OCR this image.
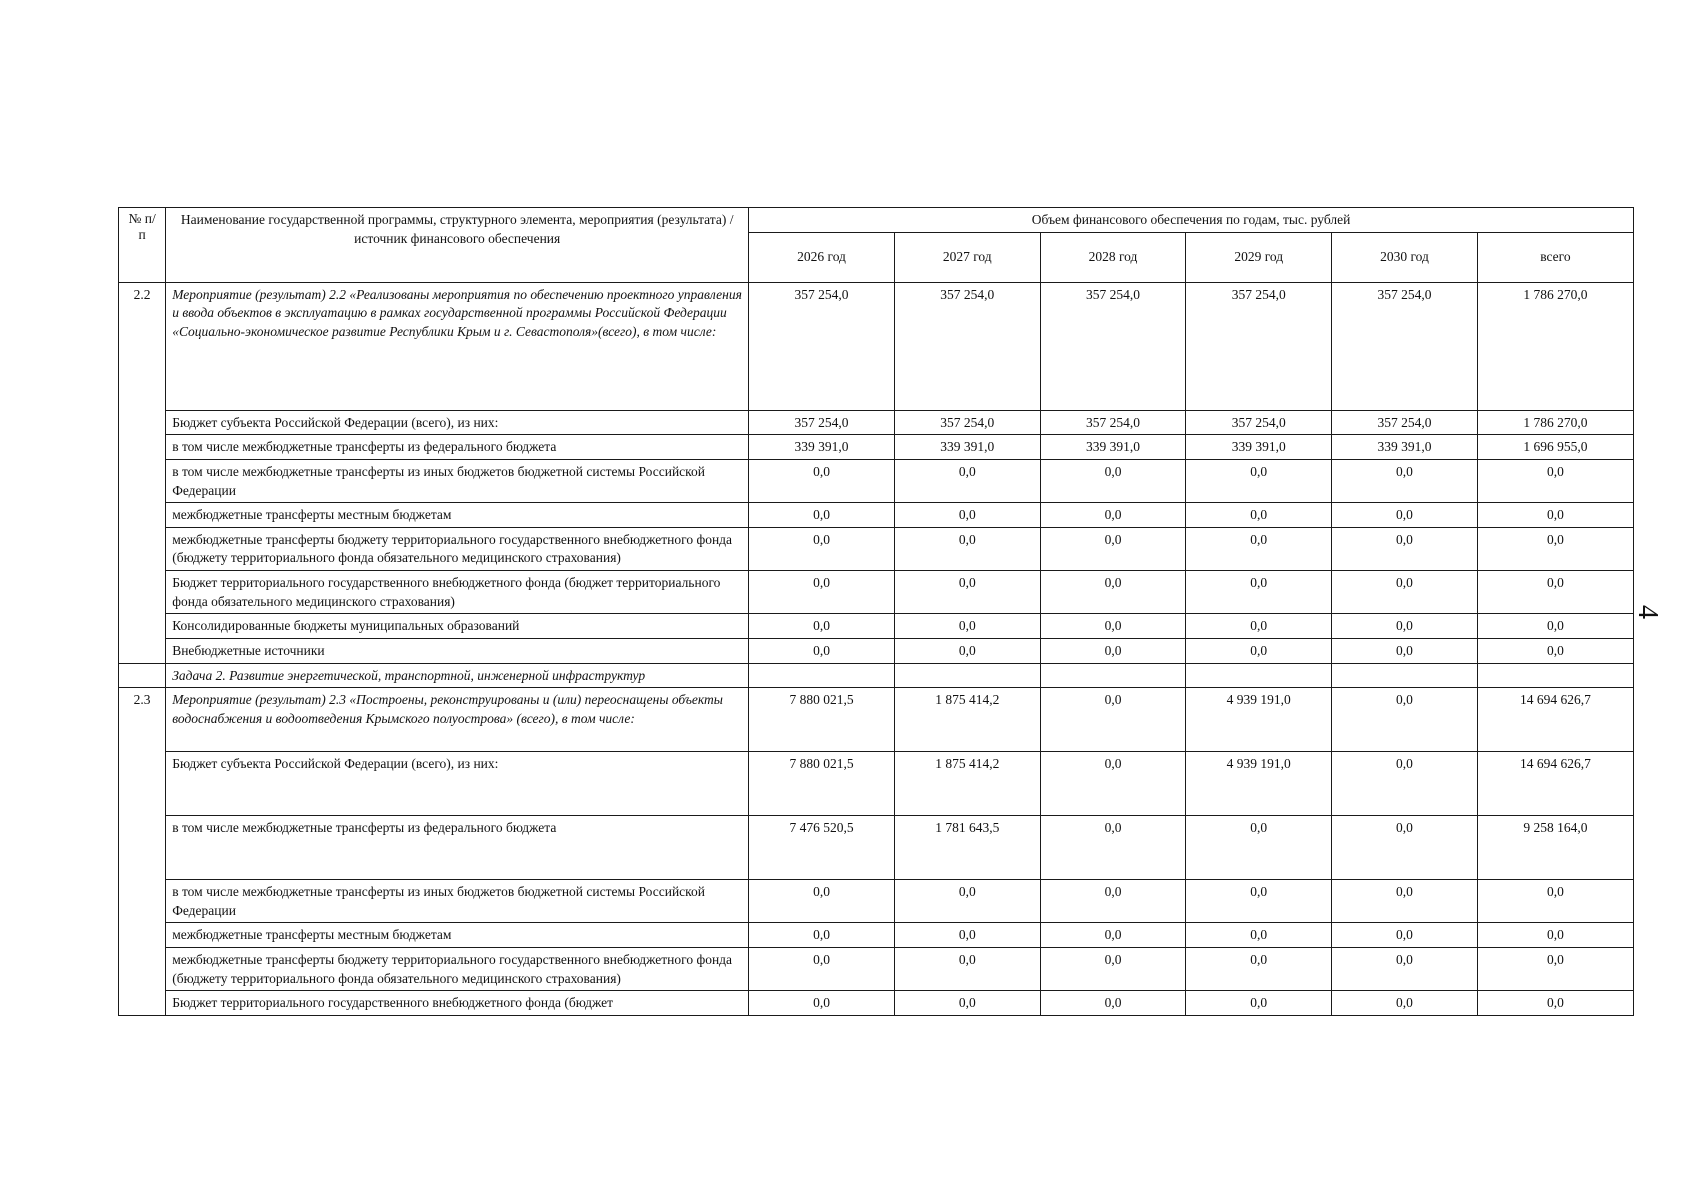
4
№ п/п	Наименование государственной программы, структурного элемента, мероприятия (результата) / источник финансового обеспечения	Объем финансового обеспечения по годам, тыс. рублей					
		2026 год	2027 год	2028 год	2029 год	2030 год	всего
2.2	Мероприятие (результат) 2.2 «Реализованы мероприятия по обеспечению проектного управления и ввода объектов в эксплуатацию в рамках государственной программы Российской Федерации «Социально-экономическое развитие Республики Крым и г. Севастополя»(всего), в том числе:	357 254,0	357 254,0	357 254,0	357 254,0	357 254,0	1 786 270,0
	Бюджет субъекта Российской Федерации (всего), из них:	357 254,0	357 254,0	357 254,0	357 254,0	357 254,0	1 786 270,0
	в том числе межбюджетные трансферты из федерального бюджета	339 391,0	339 391,0	339 391,0	339 391,0	339 391,0	1 696 955,0
	в том числе межбюджетные трансферты из иных бюджетов бюджетной системы Российской Федерации	0,0	0,0	0,0	0,0	0,0	0,0
	межбюджетные трансферты местным бюджетам	0,0	0,0	0,0	0,0	0,0	0,0
	межбюджетные трансферты бюджету территориального государственного внебюджетного фонда (бюджету территориального фонда обязательного медицинского страхования)	0,0	0,0	0,0	0,0	0,0	0,0
	Бюджет территориального государственного внебюджетного фонда (бюджет территориального фонда обязательного медицинского страхования)	0,0	0,0	0,0	0,0	0,0	0,0
	Консолидированные бюджеты муниципальных образований	0,0	0,0	0,0	0,0	0,0	0,0
	Внебюджетные источники	0,0	0,0	0,0	0,0	0,0	0,0
	Задача 2. Развитие энергетической, транспортной, инженерной инфраструктур						
2.3	Мероприятие (результат) 2.3 «Построены, реконструированы и (или) переоснащены объекты водоснабжения и водоотведения Крымского полуострова» (всего), в том числе:	7 880 021,5	1 875 414,2	0,0	4 939 191,0	0,0	14 694 626,7
	Бюджет субъекта Российской Федерации (всего), из них:	7 880 021,5	1 875 414,2	0,0	4 939 191,0	0,0	14 694 626,7
	в том числе межбюджетные трансферты из федерального бюджета	7 476 520,5	1 781 643,5	0,0	0,0	0,0	9 258 164,0
	в том числе межбюджетные трансферты из иных бюджетов бюджетной системы Российской Федерации	0,0	0,0	0,0	0,0	0,0	0,0
	межбюджетные трансферты местным бюджетам	0,0	0,0	0,0	0,0	0,0	0,0
	межбюджетные трансферты бюджету территориального государственного внебюджетного фонда (бюджету территориального фонда обязательного медицинского страхования)	0,0	0,0	0,0	0,0	0,0	0,0
	Бюджет территориального государственного внебюджетного фонда (бюджет	0,0	0,0	0,0	0,0	0,0	0,0
